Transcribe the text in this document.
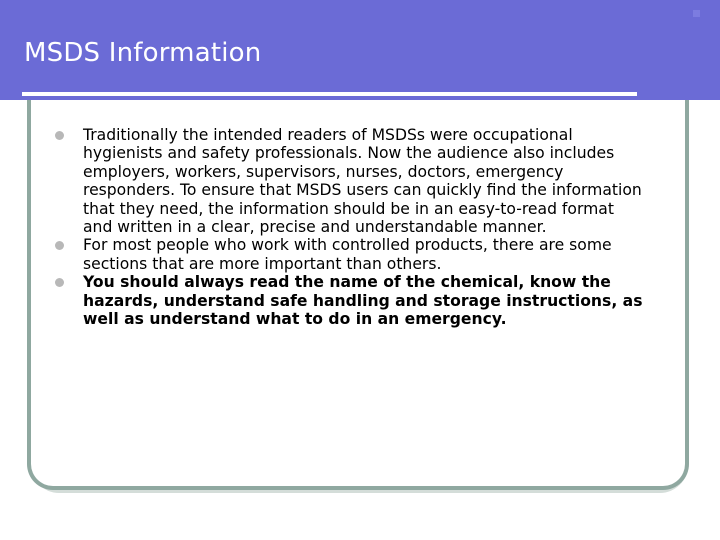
MSDS Information
Traditionally the intended readers of MSDSs were occupational hygienists and safety professionals. Now the audience also includes employers, workers, supervisors, nurses, doctors, emergency responders. To ensure that MSDS users can quickly find the information that they need, the information should be in an easy-to-read format and written in a clear, precise and understandable manner.
For most people who work with controlled products, there are some sections that are more important than others.
You should always read the name of the chemical, know the hazards, understand safe handling and storage instructions, as well as understand what to do in an emergency.
